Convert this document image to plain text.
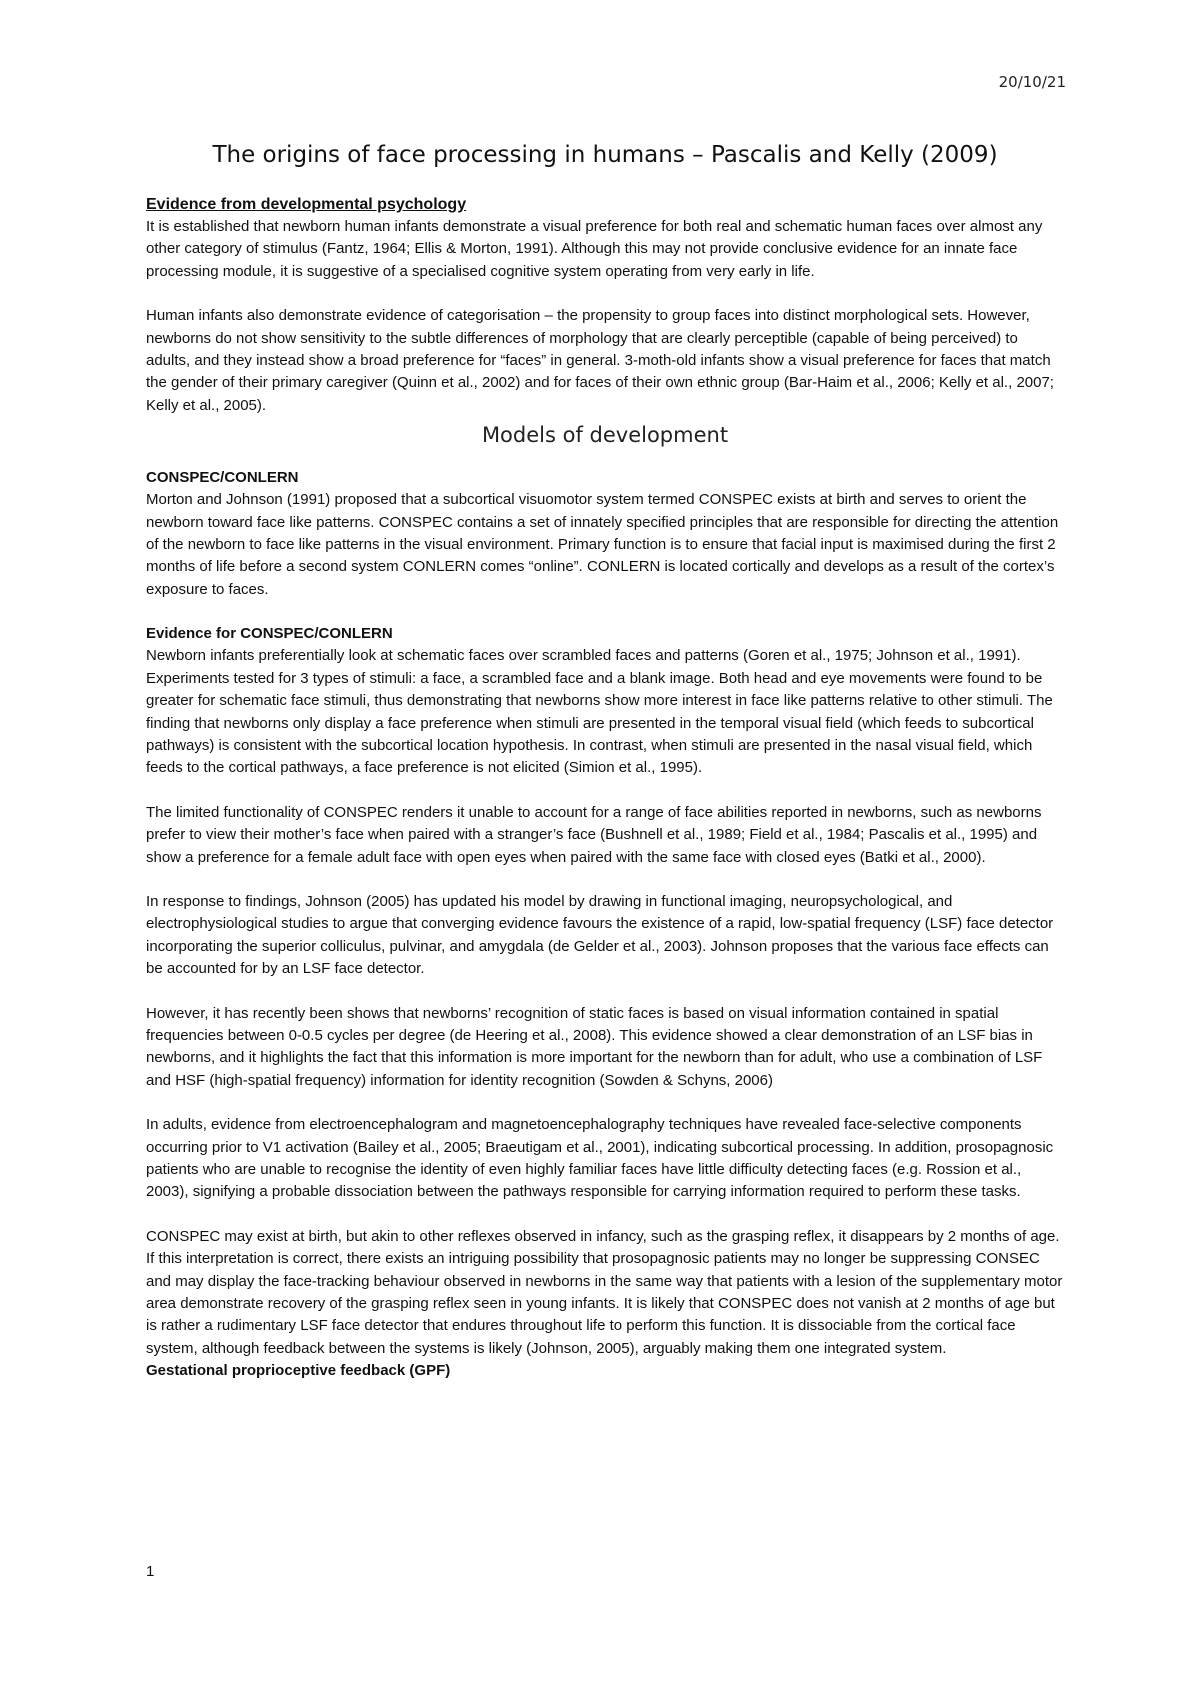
20/10/21
The origins of face processing in humans – Pascalis and Kelly (2009)
Evidence from developmental psychology

It is established that newborn human infants demonstrate a visual preference for both real and schematic human faces over almost any other category of stimulus (Fantz, 1964; Ellis & Morton, 1991). Although this may not provide conclusive evidence for an innate face processing module, it is suggestive of a specialised cognitive system operating from very early in life.

Human infants also demonstrate evidence of categorisation – the propensity to group faces into distinct morphological sets. However, newborns do not show sensitivity to the subtle differences of morphology that are clearly perceptible (capable of being perceived) to adults, and they instead show a broad preference for “faces” in general. 3-moth-old infants show a visual preference for faces that match the gender of their primary caregiver (Quinn et al., 2002) and for faces of their own ethnic group (Bar-Haim et al., 2006; Kelly et al., 2007; Kelly et al., 2005).

Models of development
CONSPEC/CONLERN

Morton and Johnson (1991) proposed that a subcortical visuomotor system termed CONSPEC exists at birth and serves to orient the newborn toward face like patterns. CONSPEC contains a set of innately specified principles that are responsible for directing the attention of the newborn to face like patterns in the visual environment. Primary function is to ensure that facial input is maximised during the first 2 months of life before a second system CONLERN comes “online”. CONLERN is located cortically and develops as a result of the cortex’s exposure to faces.

Evidence for CONSPEC/CONLERN

Newborn infants preferentially look at schematic faces over scrambled faces and patterns (Goren et al., 1975; Johnson et al., 1991). Experiments tested for 3 types of stimuli: a face, a scrambled face and a blank image. Both head and eye movements were found to be greater for schematic face stimuli, thus demonstrating that newborns show more interest in face like patterns relative to other stimuli. The finding that newborns only display a face preference when stimuli are presented in the temporal visual field (which feeds to subcortical pathways) is consistent with the subcortical location hypothesis. In contrast, when stimuli are presented in the nasal visual field, which feeds to the cortical pathways, a face preference is not elicited (Simion et al., 1995).

The limited functionality of CONSPEC renders it unable to account for a range of face abilities reported in newborns, such as newborns prefer to view their mother’s face when paired with a stranger’s face (Bushnell et al., 1989; Field et al., 1984; Pascalis et al., 1995) and show a preference for a female adult face with open eyes when paired with the same face with closed eyes (Batki et al., 2000).

In response to findings, Johnson (2005) has updated his model by drawing in functional imaging, neuropsychological, and electrophysiological studies to argue that converging evidence favours the existence of a rapid, low-spatial frequency (LSF) face detector incorporating the superior colliculus, pulvinar, and amygdala (de Gelder et al., 2003). Johnson proposes that the various face effects can be accounted for by an LSF face detector.

However, it has recently been shows that newborns’ recognition of static faces is based on visual information contained in spatial frequencies between 0-0.5 cycles per degree (de Heering et al., 2008). This evidence showed a clear demonstration of an LSF bias in newborns, and it highlights the fact that this information is more important for the newborn than for adult, who use a combination of LSF and HSF (high-spatial frequency) information for identity recognition (Sowden & Schyns, 2006)

In adults, evidence from electroencephalogram and magnetoencephalography techniques have revealed face-selective components occurring prior to V1 activation (Bailey et al., 2005; Braeutigam et al., 2001), indicating subcortical processing. In addition, prosopagnosic patients who are unable to recognise the identity of even highly familiar faces have little difficulty detecting faces (e.g. Rossion et al., 2003), signifying a probable dissociation between the pathways responsible for carrying information required to perform these tasks.

CONSPEC may exist at birth, but akin to other reflexes observed in infancy, such as the grasping reflex, it disappears by 2 months of age. If this interpretation is correct, there exists an intriguing possibility that prosopagnosic patients may no longer be suppressing CONSEC and may display the face-tracking behaviour observed in newborns in the same way that patients with a lesion of the supplementary motor area demonstrate recovery of the grasping reflex seen in young infants. It is likely that CONSPEC does not vanish at 2 months of age but is rather a rudimentary LSF face detector that endures throughout life to perform this function. It is dissociable from the cortical face system, although feedback between the systems is likely (Johnson, 2005), arguably making them one integrated system.

Gestational proprioceptive feedback (GPF)
1
